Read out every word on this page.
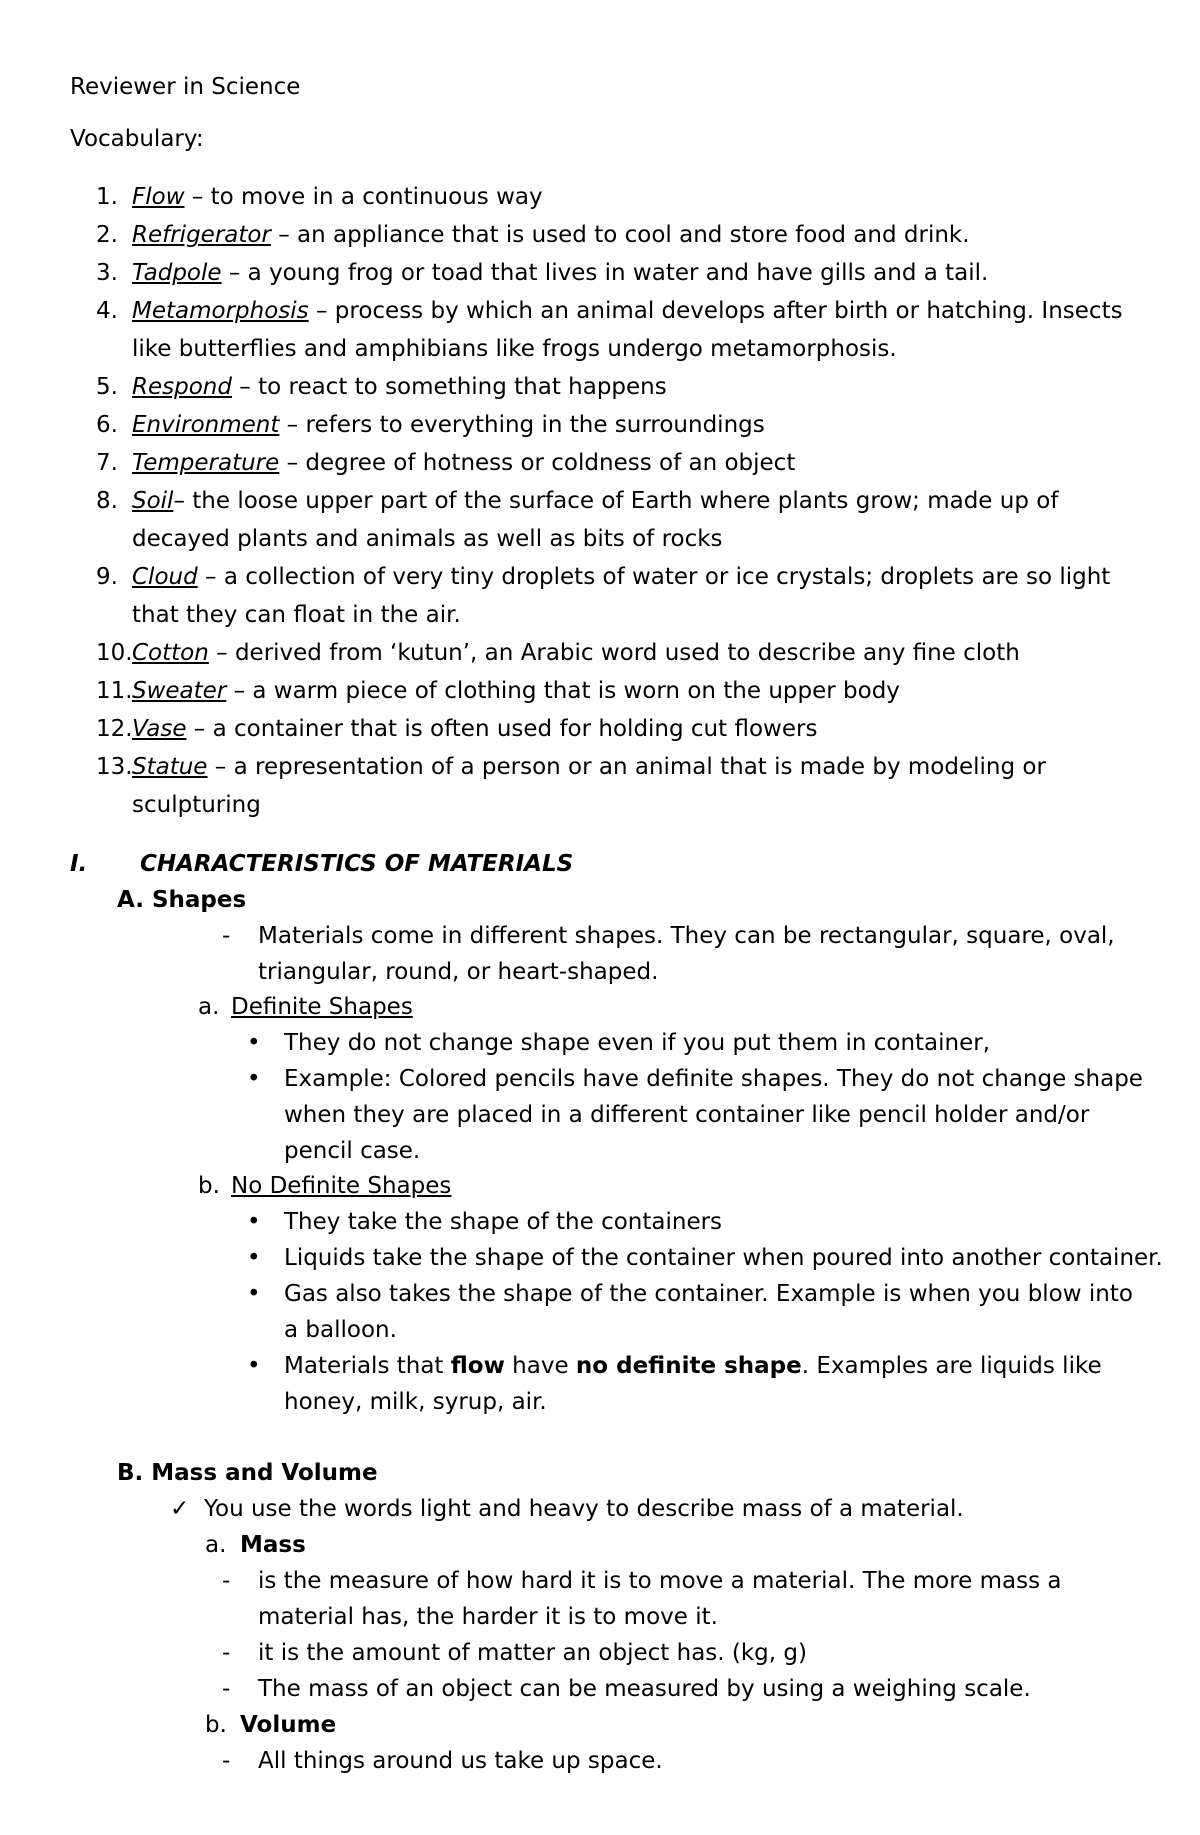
Reviewer in Science
Vocabulary:
1. Flow – to move in a continuous way
2. Refrigerator – an appliance that is used to cool and store food and drink.
3. Tadpole – a young frog or toad that lives in water and have gills and a tail.
4. Metamorphosis – process by which an animal develops after birth or hatching. Insects like butterflies and amphibians like frogs undergo metamorphosis.
5. Respond – to react to something that happens
6. Environment – refers to everything in the surroundings
7. Temperature – degree of hotness or coldness of an object
8. Soil– the loose upper part of the surface of Earth where plants grow; made up of decayed plants and animals as well as bits of rocks
9. Cloud – a collection of very tiny droplets of water or ice crystals; droplets are so light that they can float in the air.
10. Cotton – derived from ‘kutun’, an Arabic word used to describe any fine cloth
11. Sweater – a warm piece of clothing that is worn on the upper body
12. Vase – a container that is often used for holding cut flowers
13. Statue – a representation of a person or an animal that is made by modeling or sculpturing
I. CHARACTERISTICS OF MATERIALS
A. Shapes
- Materials come in different shapes. They can be rectangular, square, oval, triangular, round, or heart-shaped.
a. Definite Shapes
• They do not change shape even if you put them in container,
• Example: Colored pencils have definite shapes. They do not change shape when they are placed in a different container like pencil holder and/or pencil case.
b. No Definite Shapes
• They take the shape of the containers
• Liquids take the shape of the container when poured into another container.
• Gas also takes the shape of the container. Example is when you blow into a balloon.
• Materials that flow have no definite shape. Examples are liquids like honey, milk, syrup, air.
B. Mass and Volume
✓ You use the words light and heavy to describe mass of a material.
a. Mass
- is the measure of how hard it is to move a material. The more mass a material has, the harder it is to move it.
- it is the amount of matter an object has. (kg, g)
- The mass of an object can be measured by using a weighing scale.
b. Volume
- All things around us take up space.
